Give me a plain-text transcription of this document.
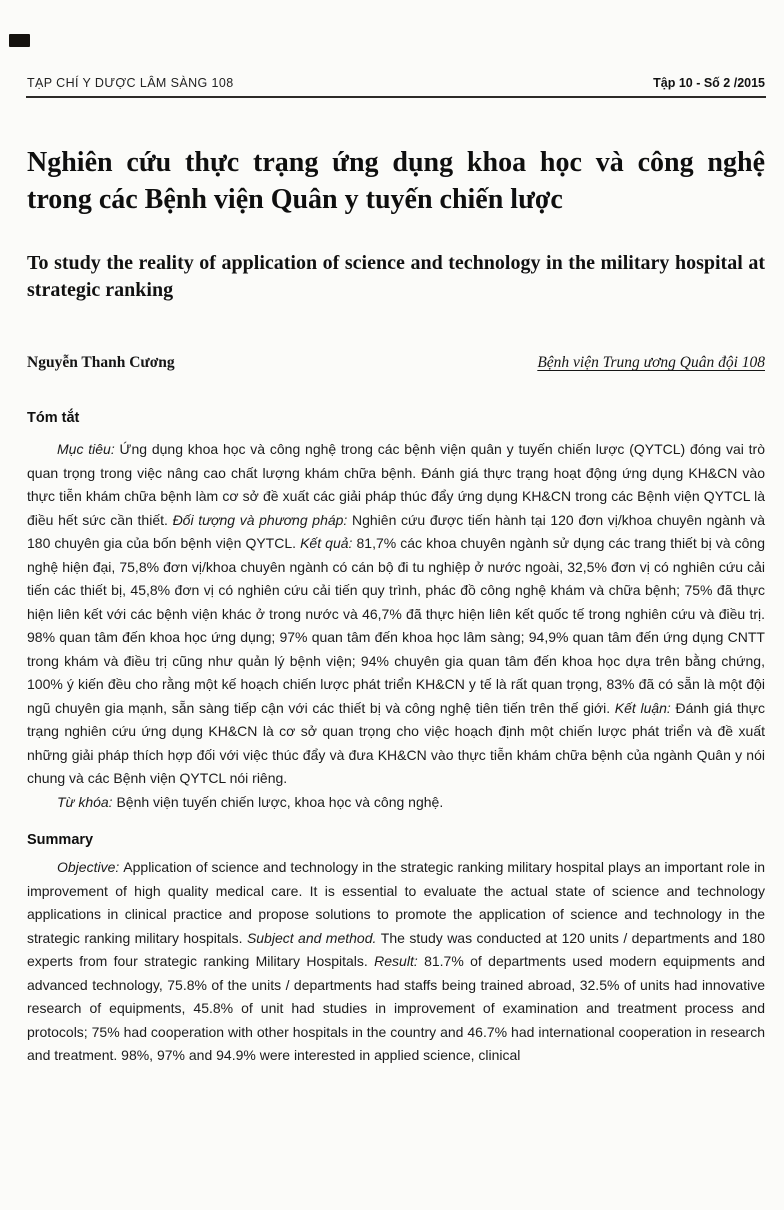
TẠP CHÍ Y DƯỢC LÂM SÀNG 108	Tập 10 - Số 2 /2015
Nghiên cứu thực trạng ứng dụng khoa học và công nghệ trong các Bệnh viện Quân y tuyến chiến lược
To study the reality of application of science and technology in the military hospital at strategic ranking
Nguyễn Thanh Cương	Bệnh viện Trung ương Quân đội 108
Tóm tắt

Mục tiêu: Ứng dụng khoa học và công nghệ trong các bệnh viện quân y tuyến chiến lược (QYTCL) đóng vai trò quan trọng trong việc nâng cao chất lượng khám chữa bệnh. Đánh giá thực trạng hoạt động ứng dụng KH&CN vào thực tiễn khám chữa bệnh làm cơ sở đề xuất các giải pháp thúc đẩy ứng dụng KH&CN trong các Bệnh viện QYTCL là điều hết sức cần thiết. Đối tượng và phương pháp: Nghiên cứu được tiến hành tại 120 đơn vị/khoa chuyên ngành và 180 chuyên gia của bốn bệnh viện QYTCL. Kết quả: 81,7% các khoa chuyên ngành sử dụng các trang thiết bị và công nghệ hiện đại, 75,8% đơn vị/khoa chuyên ngành có cán bộ đi tu nghiệp ở nước ngoài, 32,5% đơn vị có nghiên cứu cải tiến các thiết bị, 45,8% đơn vị có nghiên cứu cải tiến quy trình, phác đồ công nghệ khám và chữa bệnh; 75% đã thực hiện liên kết với các bệnh viện khác ở trong nước và 46,7% đã thực hiện liên kết quốc tế trong nghiên cứu và điều trị. 98% quan tâm đến khoa học ứng dụng; 97% quan tâm đến khoa học lâm sàng; 94,9% quan tâm đến ứng dụng CNTT trong khám và điều trị cũng như quản lý bệnh viện; 94% chuyên gia quan tâm đến khoa học dựa trên bằng chứng, 100% ý kiến đều cho rằng một kế hoạch chiến lược phát triển KH&CN y tế là rất quan trọng, 83% đã có sẵn là một đội ngũ chuyên gia mạnh, sẵn sàng tiếp cận với các thiết bị và công nghệ tiên tiến trên thế giới. Kết luận: Đánh giá thực trạng nghiên cứu ứng dụng KH&CN là cơ sở quan trọng cho việc hoạch định một chiến lược phát triển và đề xuất những giải pháp thích hợp đối với việc thúc đẩy và đưa KH&CN vào thực tiễn khám chữa bệnh của ngành Quân y nói chung và các Bệnh viện QYTCL nói riêng.

Từ khóa: Bệnh viện tuyến chiến lược, khoa học và công nghệ.

Summary

Objective: Application of science and technology in the strategic ranking military hospital plays an important role in improvement of high quality medical care. It is essential to evaluate the actual state of science and technology applications in clinical practice and propose solutions to promote the application of science and technology in the strategic ranking military hospitals. Subject and method. The study was conducted at 120 units / departments and 180 experts from four strategic ranking Military Hospitals. Result: 81.7% of departments used modern equipments and advanced technology, 75.8% of the units / departments had staffs being trained abroad, 32.5% of units had innovative research of equipments, 45.8% of unit had studies in improvement of examination and treatment process and protocols; 75% had cooperation with other hospitals in the country and 46.7% had international cooperation in research and treatment. 98%, 97% and 94.9% were interested in applied science, clinical
